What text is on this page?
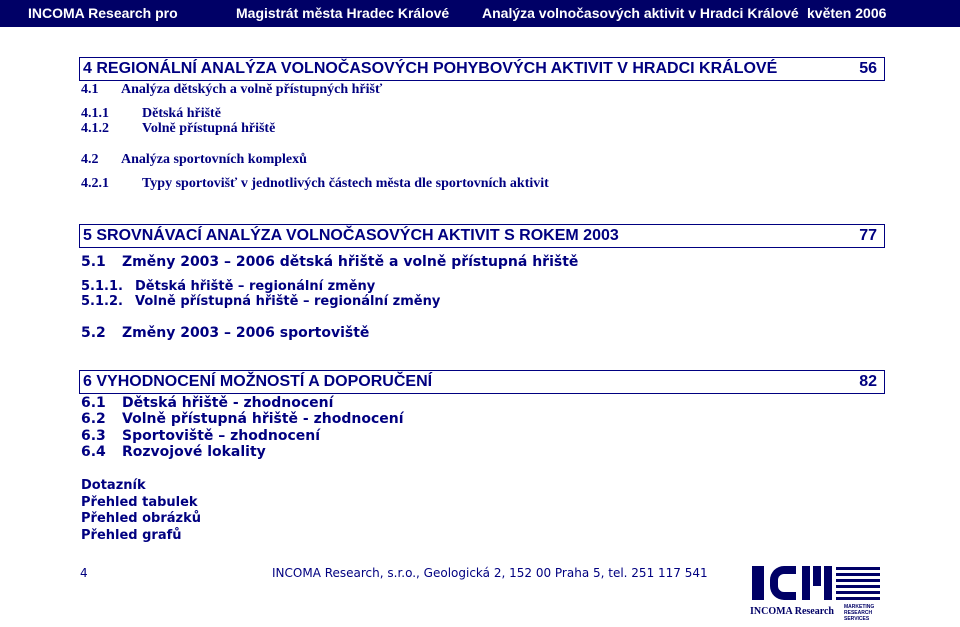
INCOMA Research pro	Magistrát města Hradec Králové Analýza volnočasových aktivit v Hradci Králové květen 2006
4 REGIONÁLNÍ ANALÝZA VOLNOČASOVÝCH POHYBOVÝCH AKTIVIT V HRADCI KRÁLOVÉ	56
4.1 Analýza dětských a volně přístupných hřišť
4.1.1 Dětská hřiště
4.1.2 Volně přístupná hřiště
4.2 Analýza sportovních komplexů
4.2.1 Typy sportovišť v jednotlivých částech města dle sportovních aktivit
5 SROVNÁVACÍ ANALÝZA VOLNOČASOVÝCH AKTIVIT S ROKEM 2003	77
5.1 Změny 2003 – 2006 dětská hřiště a volně přístupná hřiště
5.1.1. Dětská hřiště – regionální změny
5.1.2. Volně přístupná hřiště – regionální změny
5.2 Změny 2003 – 2006 sportoviště
6 VYHODNOCENÍ MOŽNOSTÍ A DOPORUČENÍ	82
6.1 Dětská hřiště - zhodnocení
6.2 Volně přístupná hřiště - zhodnocení
6.3 Sportoviště – zhodnocení
6.4 Rozvojové lokality
Dotazník
Přehled tabulek
Přehled obrázků
Přehled grafů
4	INCOMA Research, s.r.o., Geologická 2, 152 00 Praha 5, tel. 251 117 541
INCOMA Research MARKETING
RESEARCH
SERVICES
